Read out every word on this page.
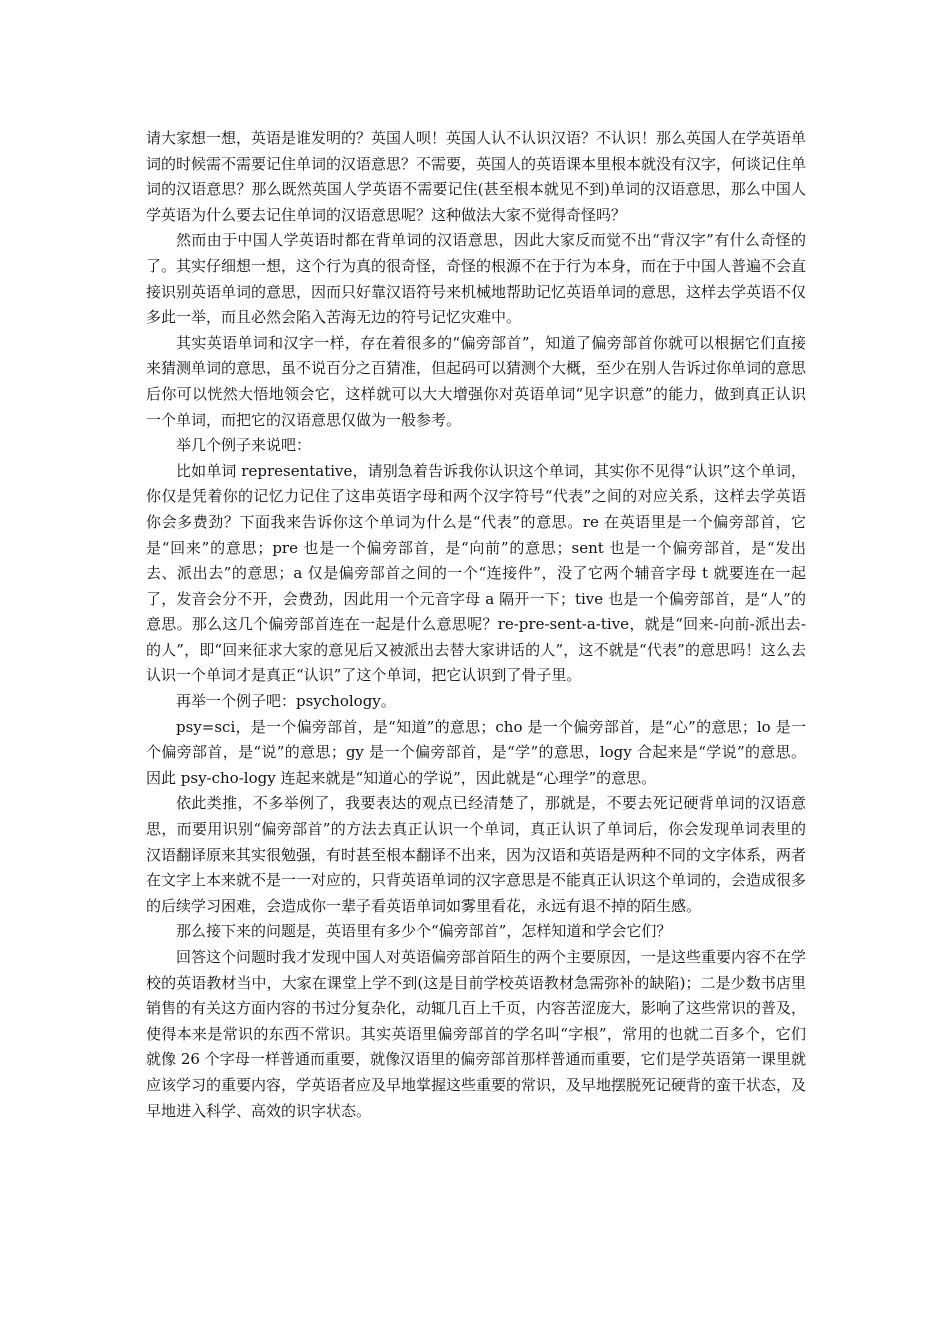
请大家想一想，英语是谁发明的？英国人呗！英国人认不认识汉语？不认识！那么英国人在学英语单词的时候需不需要记住单词的汉语意思？不需要，英国人的英语课本里根本就没有汉字，何谈记住单词的汉语意思？那么既然英国人学英语不需要记住(甚至根本就见不到)单词的汉语意思，那么中国人学英语为什么要去记住单词的汉语意思呢？这种做法大家不觉得奇怪吗？

然而由于中国人学英语时都在背单词的汉语意思，因此大家反而觉不出“背汉字”有什么奇怪的了。其实仔细想一想，这个行为真的很奇怪，奇怪的根源不在于行为本身，而在于中国人普遍不会直接识别英语单词的意思，因而只好靠汉语符号来机械地帮助记忆英语单词的意思，这样去学英语不仅多此一举，而且必然会陷入苦海无边的符号记忆灾难中。

其实英语单词和汉字一样，存在着很多的“偏旁部首”，知道了偏旁部首你就可以根据它们直接来猜测单词的意思，虽不说百分之百猜准，但起码可以猜测个大概，至少在别人告诉过你单词的意思后你可以恍然大悟地领会它，这样就可以大大增强你对英语单词“见字识意”的能力，做到真正认识一个单词，而把它的汉语意思仅做为一般参考。

举几个例子来说吧：

比如单词 representative，请别急着告诉我你认识这个单词，其实你不见得“认识”这个单词，你仅是凭着你的记忆力记住了这串英语字母和两个汉字符号“代表”之间的对应关系，这样去学英语你会多费劲？下面我来告诉你这个单词为什么是“代表”的意思。re 在英语里是一个偏旁部首，它是“回来”的意思；pre 也是一个偏旁部首，是“向前”的意思；sent 也是一个偏旁部首，是“发出去、派出去”的意思；a 仅是偏旁部首之间的一个“连接件”，没了它两个辅音字母 t 就要连在一起了，发音会分不开，会费劲，因此用一个元音字母 a 隔开一下；tive 也是一个偏旁部首，是“人”的意思。那么这几个偏旁部首连在一起是什么意思呢？re-pre-sent-a-tive，就是“回来-向前-派出去-的人”，即“回来征求大家的意见后又被派出去替大家讲话的人”，这不就是“代表”的意思吗！这么去认识一个单词才是真正“认识”了这个单词，把它认识到了骨子里。

再举一个例子吧：psychology。

psy=sci，是一个偏旁部首，是“知道”的意思；cho 是一个偏旁部首，是“心”的意思；lo 是一个偏旁部首，是“说”的意思；gy 是一个偏旁部首，是“学”的意思，logy 合起来是“学说”的意思。因此 psy-cho-logy 连起来就是“知道心的学说”，因此就是“心理学”的意思。

依此类推，不多举例了，我要表达的观点已经清楚了，那就是，不要去死记硬背单词的汉语意思，而要用识别“偏旁部首”的方法去真正认识一个单词，真正认识了单词后，你会发现单词表里的汉语翻译原来其实很勉强，有时甚至根本翻译不出来，因为汉语和英语是两种不同的文字体系，两者在文字上本来就不是一一对应的，只背英语单词的汉字意思是不能真正认识这个单词的，会造成很多的后续学习困难，会造成你一辈子看英语单词如雾里看花，永远有退不掉的陌生感。

那么接下来的问题是，英语里有多少个“偏旁部首”，怎样知道和学会它们？

回答这个问题时我才发现中国人对英语偏旁部首陌生的两个主要原因，一是这些重要内容不在学校的英语教材当中，大家在课堂上学不到(这是目前学校英语教材急需弥补的缺陷)；二是少数书店里销售的有关这方面内容的书过分复杂化，动辄几百上千页，内容苦涩庞大，影响了这些常识的普及，使得本来是常识的东西不常识。其实英语里偏旁部首的学名叫“字根”，常用的也就二百多个，它们就像 26 个字母一样普通而重要，就像汉语里的偏旁部首那样普通而重要，它们是学英语第一课里就应该学习的重要内容，学英语者应及早地掌握这些重要的常识，及早地摆脱死记硬背的蛮干状态，及早地进入科学、高效的识字状态。
